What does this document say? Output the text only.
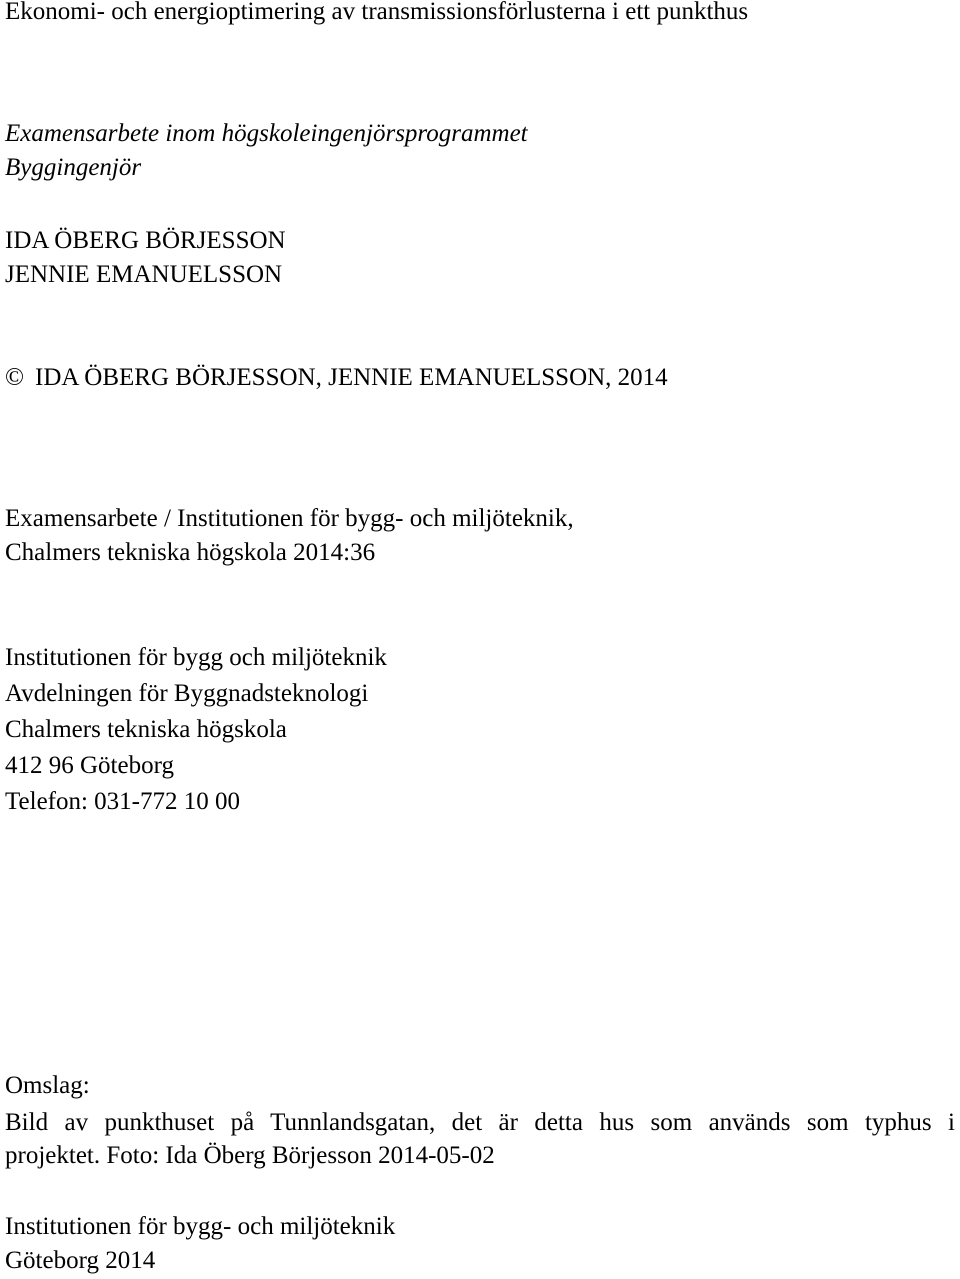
Ekonomi- och energioptimering av transmissionsförlusterna i ett punkthus
Examensarbete inom högskoleingenjörsprogrammet
Byggingenjör
IDA ÖBERG BÖRJESSON
JENNIE EMANUELSSON
© IDA ÖBERG BÖRJESSON, JENNIE EMANUELSSON, 2014
Examensarbete / Institutionen för bygg- och miljöteknik,
Chalmers tekniska högskola 2014:36
Institutionen för bygg och miljöteknik
Avdelningen för Byggnadsteknologi
Chalmers tekniska högskola
412 96 Göteborg
Telefon: 031-772 10 00
Omslag:
Bild av punkthuset på Tunnlandsgatan, det är detta hus som används som typhus i
projektet. Foto: Ida Öberg Börjesson 2014-05-02
Institutionen för bygg- och miljöteknik
Göteborg 2014
